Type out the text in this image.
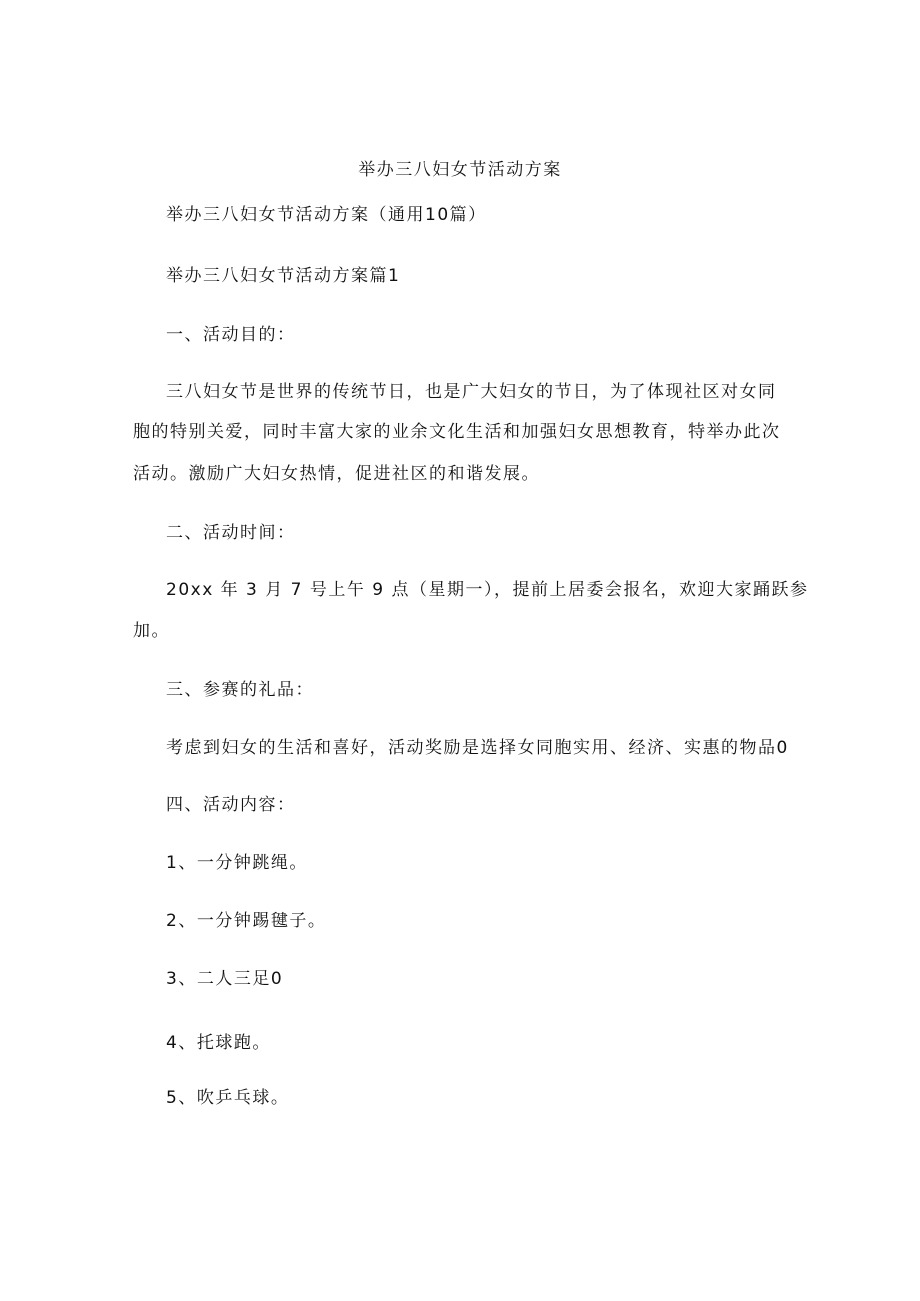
举办三八妇女节活动方案
举办三八妇女节活动方案（通用10篇）
举办三八妇女节活动方案篇1
一、活动目的：
三八妇女节是世界的传统节日，也是广大妇女的节日，为了体现社区对女同
胞的特别关爱，同时丰富大家的业余文化生活和加强妇女思想教育，特举办此次
活动。激励广大妇女热情，促进社区的和谐发展。
二、活动时间：
20xx 年 3 月 7 号上午 9 点（星期一），提前上居委会报名，欢迎大家踊跃参
加。
三、参赛的礼品：
考虑到妇女的生活和喜好，活动奖励是选择女同胞实用、经济、实惠的物品0
四、活动内容：
1、一分钟跳绳。
2、一分钟踢毽子。
3、二人三足0
4、托球跑。
5、吹乒乓球。
